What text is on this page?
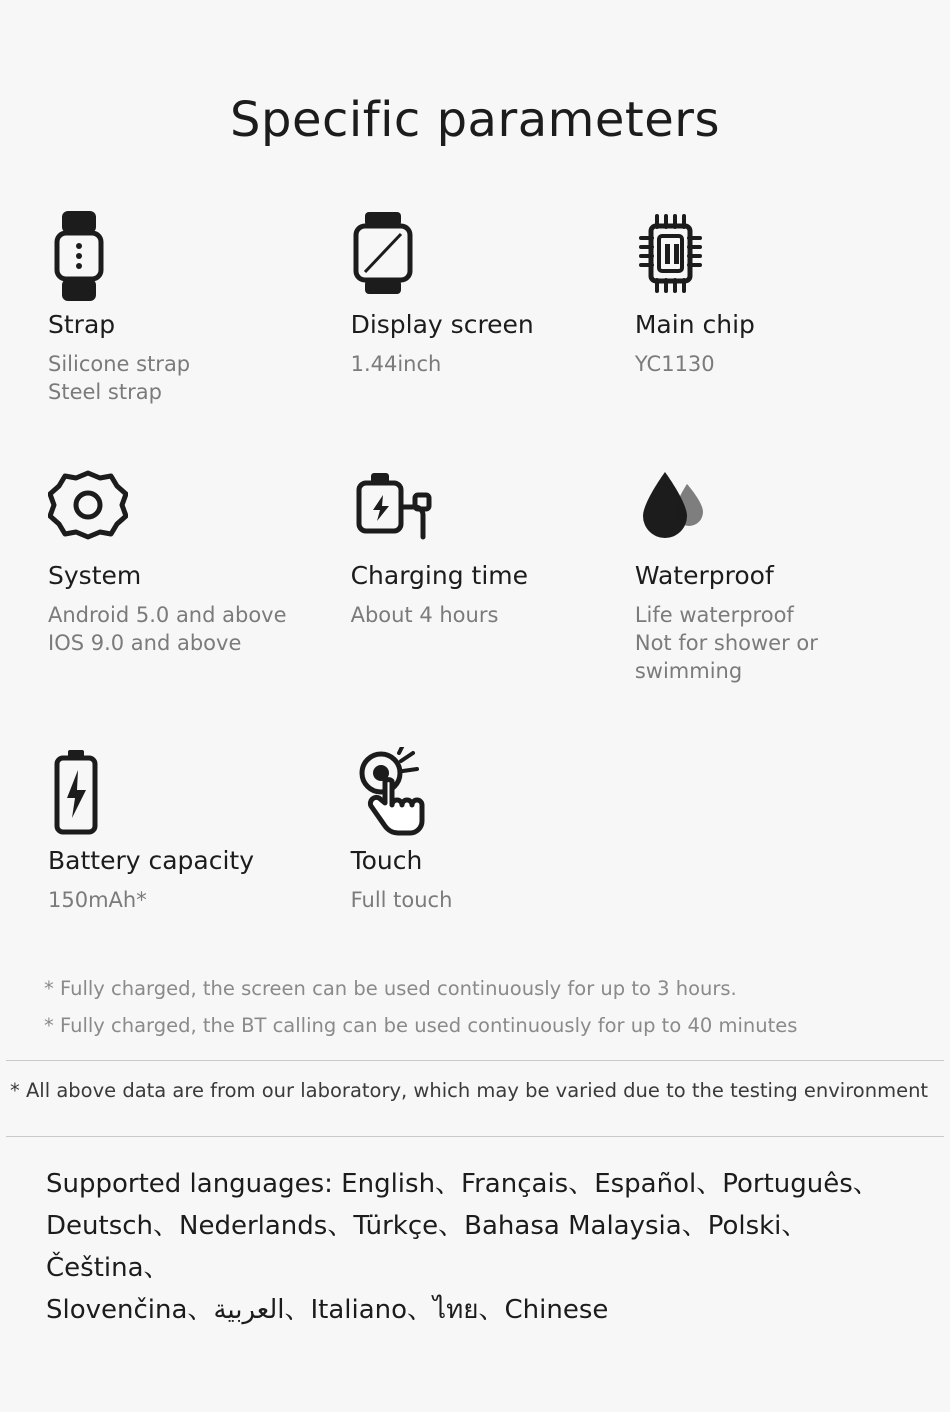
Specific parameters
Strap
Silicone strap
Steel strap
Display screen
1.44inch
Main chip
YC1130
System
Android 5.0 and above
IOS 9.0 and above
Charging time
About 4 hours
Waterproof
Life waterproof
Not for shower or
swimming
Battery capacity
150mAh*
Touch
Full touch
* Fully charged, the screen can be used continuously for up to 3 hours.
* Fully charged, the BT calling can be used continuously for up to 40 minutes
* All above data are from our laboratory, which may be varied due to the testing environment
Supported languages: English、Français、Español、Português、
Deutsch、Nederlands、Türkçe、Bahasa Malaysia、Polski、Čeština、
Slovenčina、العربية、Italiano、ไทย、Chinese
